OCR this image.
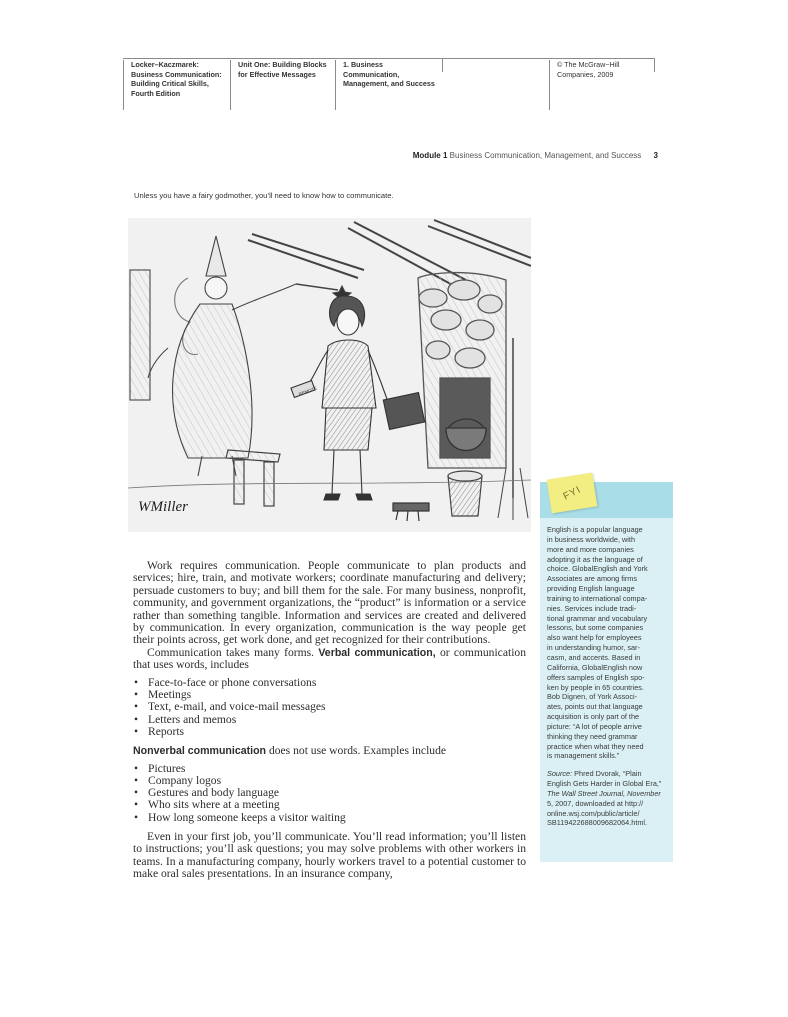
Locker–Kaczmarek:
Business Communication:
Building Critical Skills,
Fourth Edition
Unit One: Building Blocks
for Effective Messages
1. Business
Communication,
Management, and Success
© The McGraw−Hill
Companies, 2009
Module 1 Business Communication, Management, and Success 3
Unless you have a fairy godmother, you’ll need to know how to communicate.
REMOTE
WMiller

Work requires communication. People communicate to plan products and services; hire, train, and motivate workers; coordinate manufacturing and delivery; persuade customers to buy; and bill them for the sale. For many business, nonprofit, community, and government organizations, the “product” is information or a service rather than something tangible. Information and services are created and delivered by communication. In every organization, communication is the way people get their points across, get work done, and get recognized for their contributions.

Communication takes many forms. Verbal communication, or communication that uses words, includes

• Face-to-face or phone conversations
• Meetings
• Text, e-mail, and voice-mail messages
• Letters and memos
• Reports

Nonverbal communication does not use words. Examples include

• Pictures
• Company logos
• Gestures and body language
• Who sits where at a meeting
• How long someone keeps a visitor waiting

Even in your first job, you’ll communicate. You’ll read information; you’ll listen to instructions; you’ll ask questions; you may solve problems with other workers in teams. In a manufacturing company, hourly workers travel to a potential customer to make oral sales presentations. In an insurance company,

FYI
English is a popular language
in business worldwide, with
more and more companies
adopting it as the language of
choice. GlobalEnglish and York
Associates are among firms
providing English language
training to international compa-
nies. Services include tradi-
tional grammar and vocabulary
lessons, but some companies
also want help for employees
in understanding humor, sar-
casm, and accents. Based in
California, GlobalEnglish now
offers samples of English spo-
ken by people in 65 countries.
Bob Dignen, of York Associ-
ates, points out that language
acquisition is only part of the
picture: “A lot of people arrive
thinking they need grammar
practice when what they need
is management skills.”
Source: Phred Dvorak, “Plain
English Gets Harder in Global Era,”
The Wall Street Journal, November
5, 2007, downloaded at http://
online.wsj.com/public/article/
SB119422688009682064.html.
